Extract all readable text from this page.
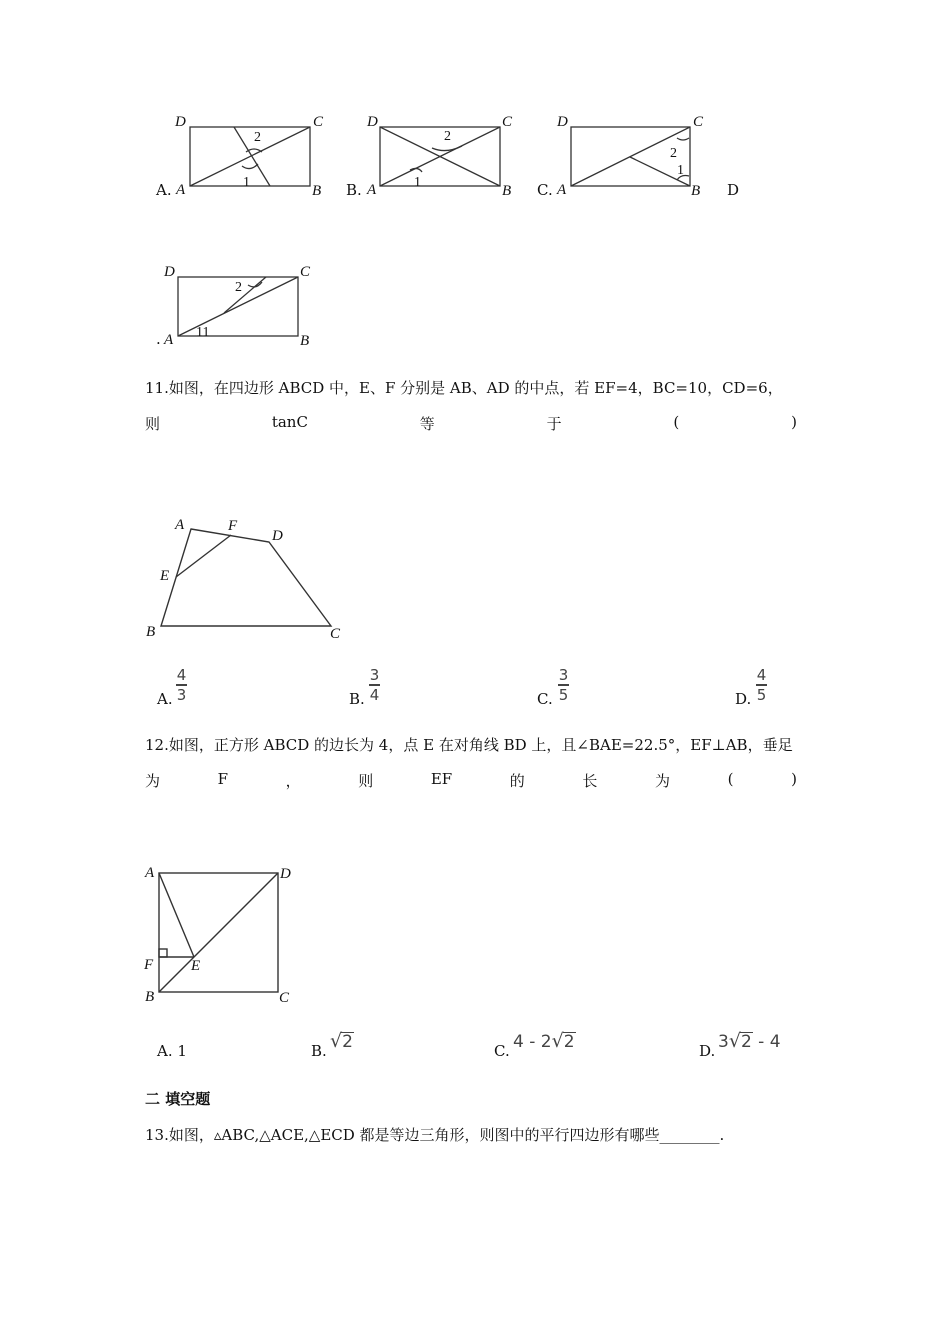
A.
D	C
A	B
2
1	B.
D	C
A	B
2
1	C.
D	C
A	B
2
1
D
.
D	C
A	B
2
11
11.如图，在四边形 ABCD 中，E、F 分别是 AB、AD 的中点，若 EF=4，BC=10，CD=6，
则	tanC	等	于	(	)
A	F
D
E
B	C
A.
4
3	B.
3
4	C.
3
5	D.
4
5
12.如图，正方形 ABCD 的边长为 4，点 E 在对角线 BD 上，且∠BAE=22.5°，EF⊥AB，垂足
为	F	，	则	EF	的	长	为	(	)
A	D
F	E
B	C
A. 1	B. √2	C. 4 - 2√2	D. 3√2 - 4
二 填空题
13.如图，▵ABC,△ACE,△ECD 都是等边三角形，则图中的平行四边形有哪些________.
